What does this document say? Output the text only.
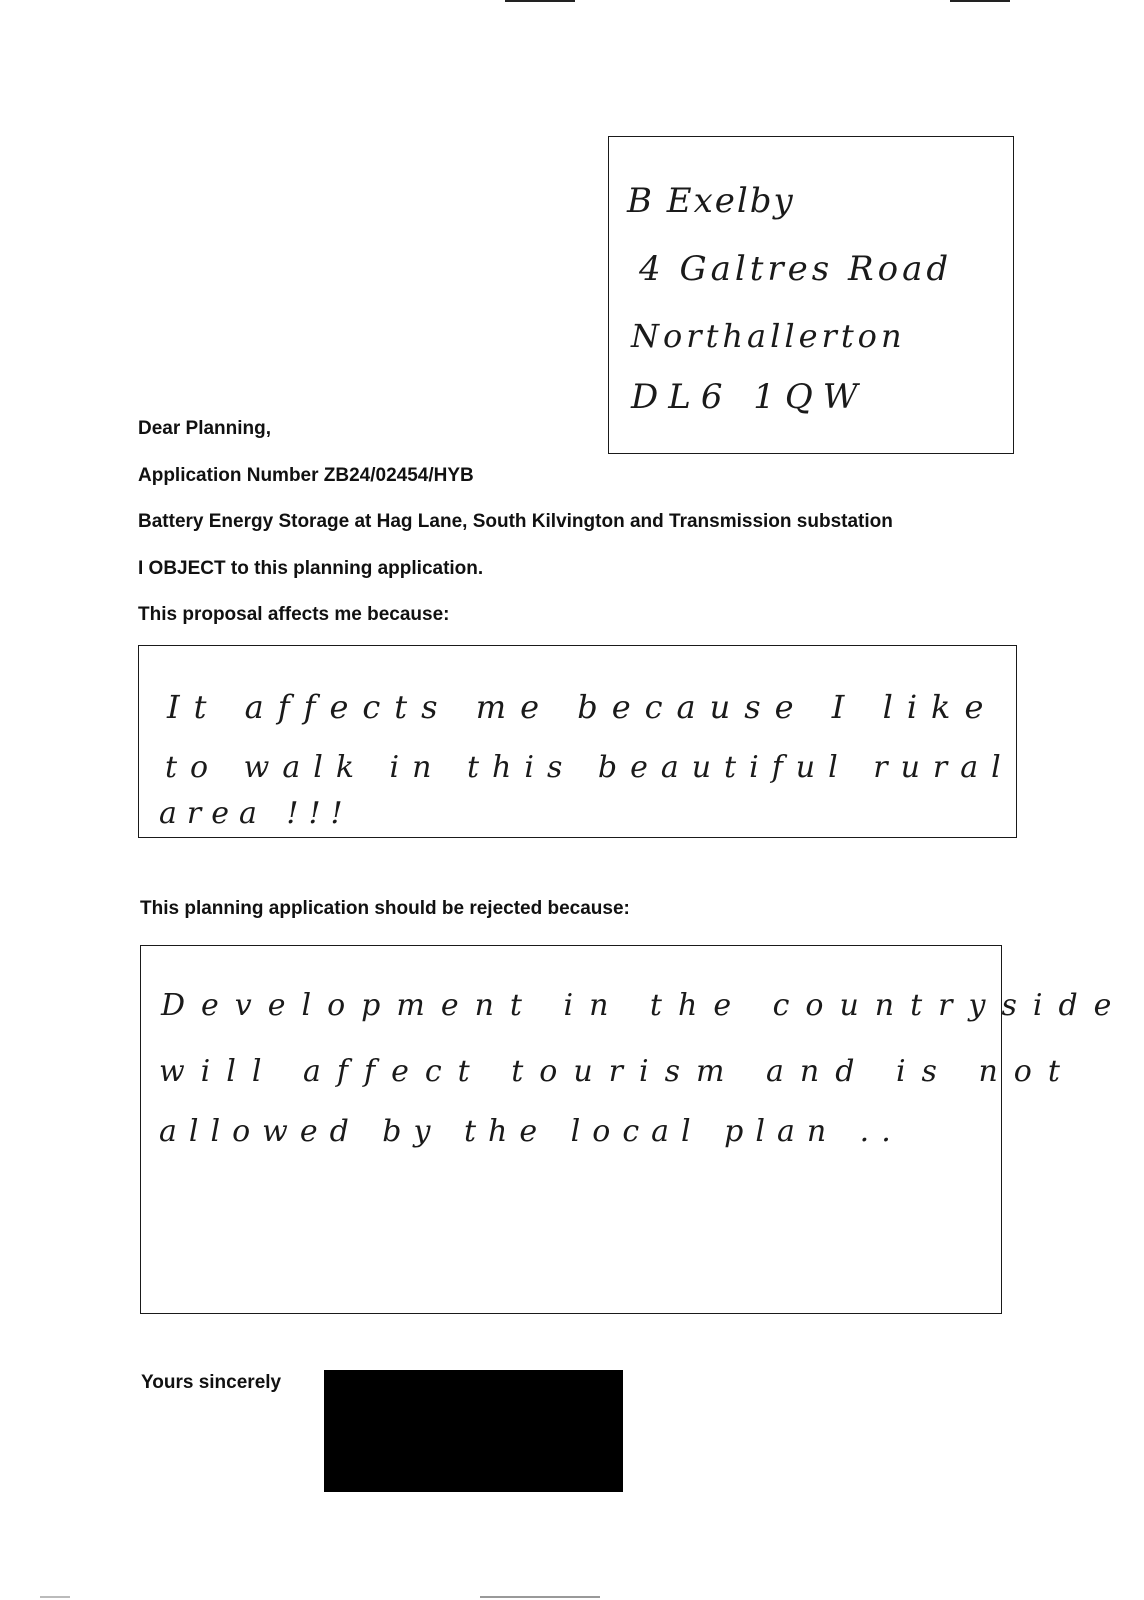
B Exelby
4 Galtres Road
Northallerton
DL6 1QW
Dear Planning,
Application Number ZB24/02454/HYB
Battery Energy Storage at Hag Lane, South Kilvington and Transmission substation
I OBJECT to this planning application.
This proposal affects me because:
It affects me because I like
to walk in this beautiful rural
area !!!
This planning application should be rejected because:
Development in the countryside
will affect tourism and is not
allowed by the local plan ..
Yours sincerely
